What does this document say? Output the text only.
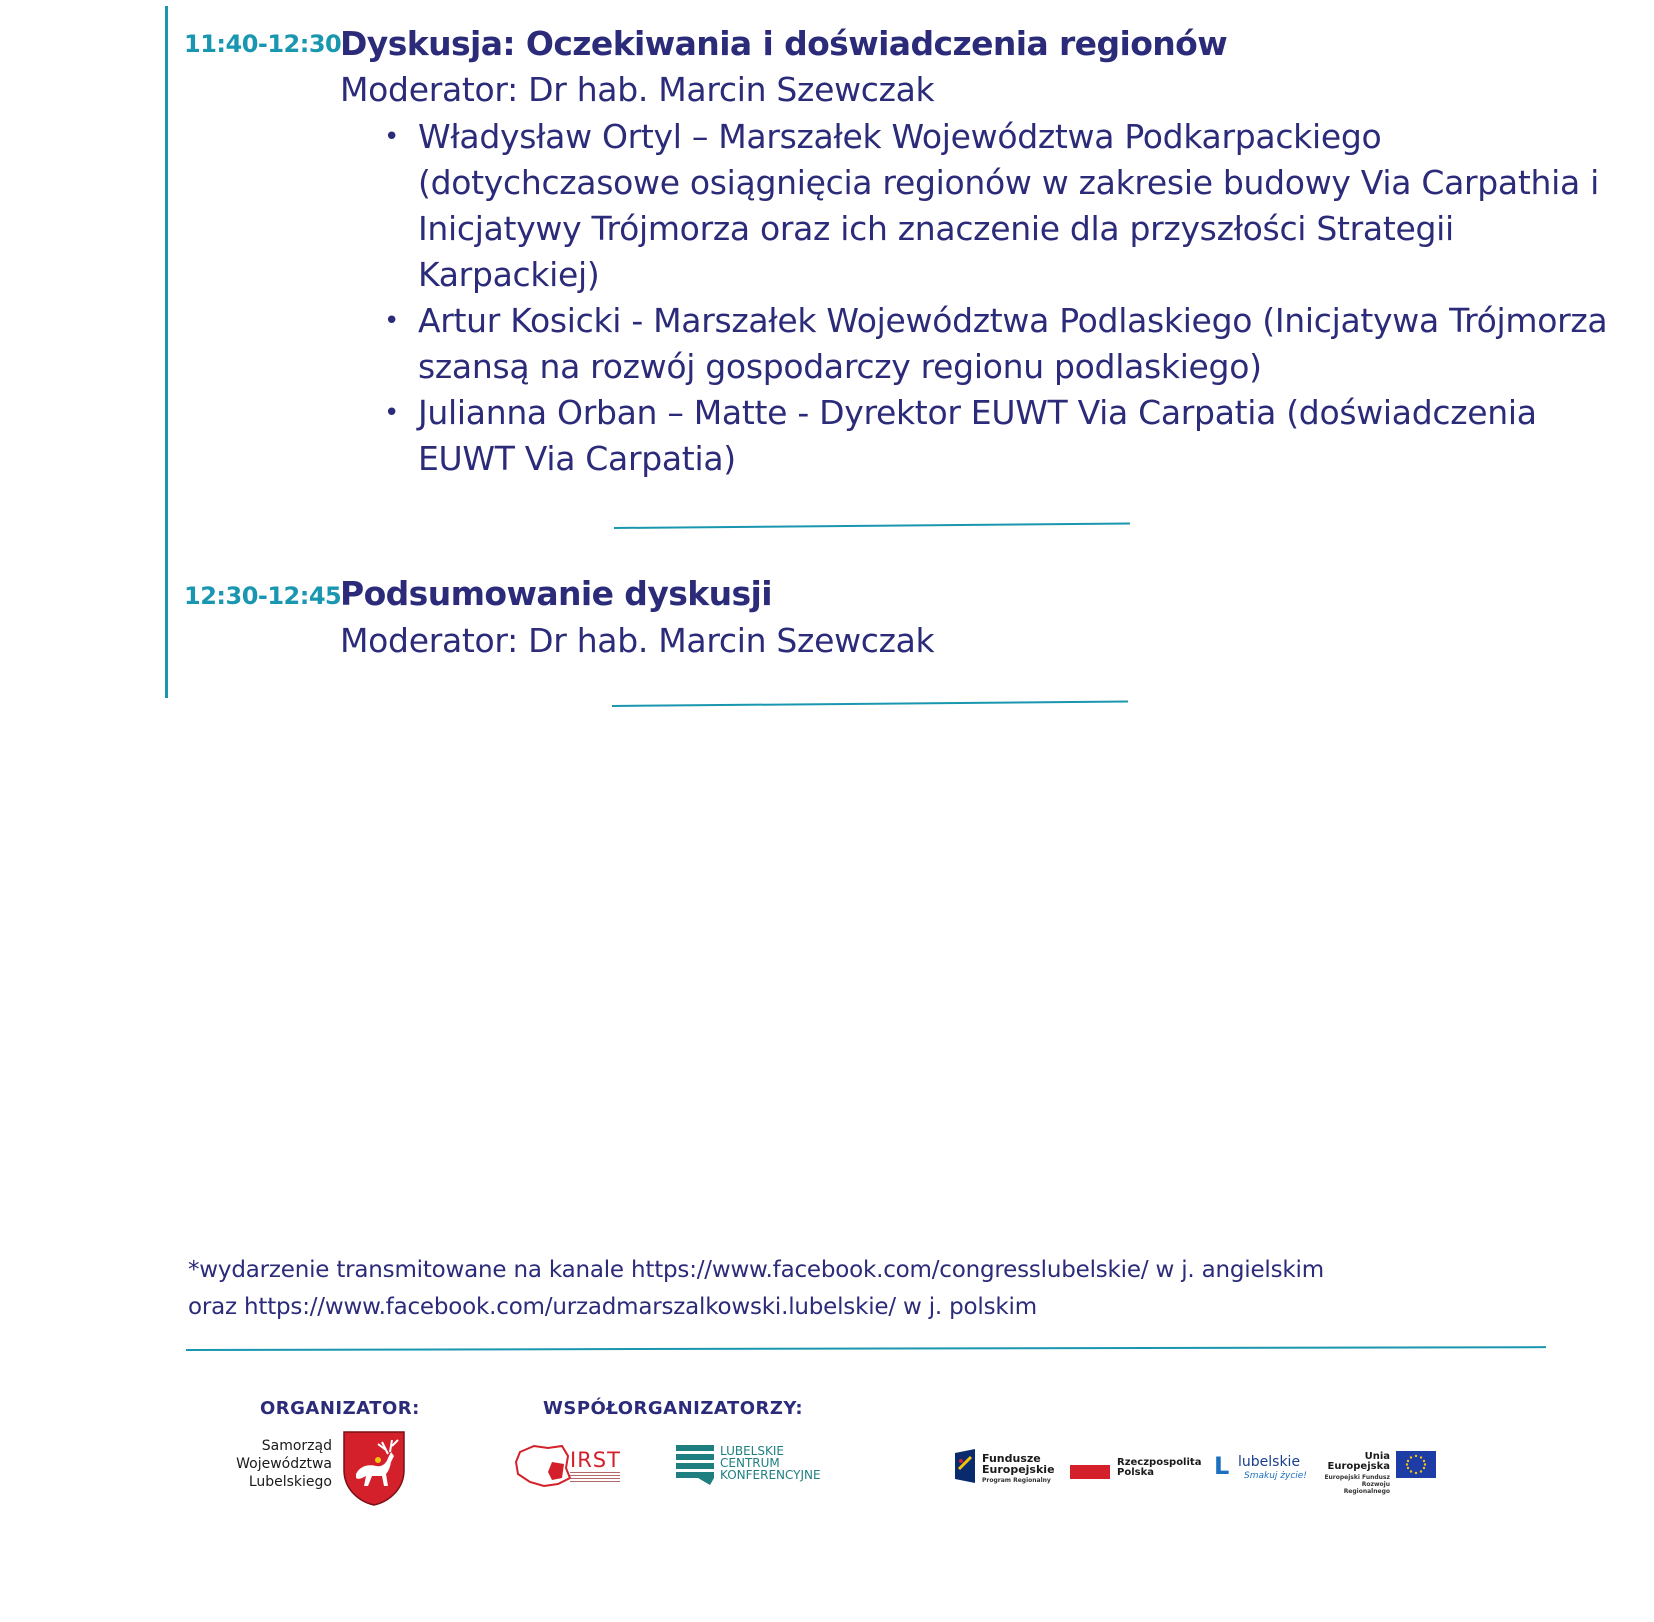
11:40-12:30
Dyskusja: Oczekiwania i doświadczenia regionów
Moderator: Dr hab. Marcin Szewczak
• Władysław Ortyl – Marszałek Województwa Podkarpackiego (dotychczasowe osiągnięcia regionów w zakresie budowy Via Carpathia i Inicjatywy Trójmorza oraz ich znaczenie dla przyszłości Strategii Karpackiej)
• Artur Kosicki - Marszałek Województwa Podlaskiego (Inicjatywa Trójmorza szansą na rozwój gospodarczy regionu podlaskiego)
• Julianna Orban – Matte - Dyrektor EUWT Via Carpatia (doświadczenia EUWT Via Carpatia)
12:30-12:45
Podsumowanie dyskusji
Moderator: Dr hab. Marcin Szewczak
*wydarzenie transmitowane na kanale https://www.facebook.com/congresslubelskie/ w j. angielskim
oraz https://www.facebook.com/urzadmarszalkowski.lubelskie/ w j. polskim
ORGANIZATOR:
Samorząd
Województwa
Lubelskiego
WSPÓŁORGANIZATORZY:
IRST	LUBELSKIE
CENTRUM
KONFERENCYJNE
Fundusze
Europejskie
Program Regionalny
Rzeczpospolita
Polska	L lubelskie
Smakuj życie!
Unia Europejska
Europejski Fundusz
Rozwoju Regionalnego
